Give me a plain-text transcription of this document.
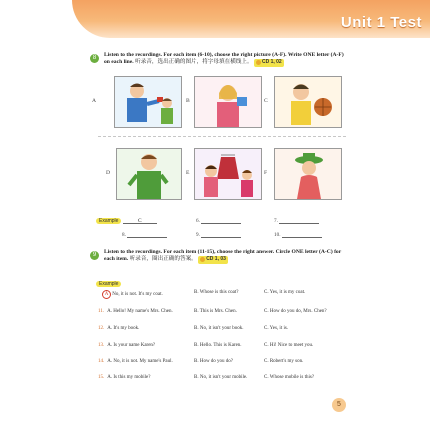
Unit 1 Test
8	Listen to the recordings. For each item (6-10), choose the right picture (A-F). Write ONE letter (A-F) on each line. 听录音，选出正确的图片，将字母填在横线上。 CD 1, 02
A	B	C
D	E	F
Example	C	6.	7.
8.	9.	10.
9	Listen to the recordings. For each item (11-15), choose the right answer. Circle ONE letter (A-C) for each item. 听录音，圈出正确的答案。 CD 1, 03
Example
A No, it is not. It's my coat.	B. Whose is this coat?	C. Yes, it is my coat.
11. A. Hello! My name's Mrs. Chen.	B. This is Mrs. Chen.	C. How do you do, Mrs. Chen?
12. A. It's my book.	B. No, it isn't your book.	C. Yes, it is.
13. A. Is your name Karen?	B. Hello. This is Karen.	C. Hi! Nice to meet you.
14. A. No, it is not. My name's Paul.	B. How do you do?	C. Robert's my son.
15. A. Is this my mobile?	B. No, it isn't your mobile.	C. Whose mobile is this?
5
